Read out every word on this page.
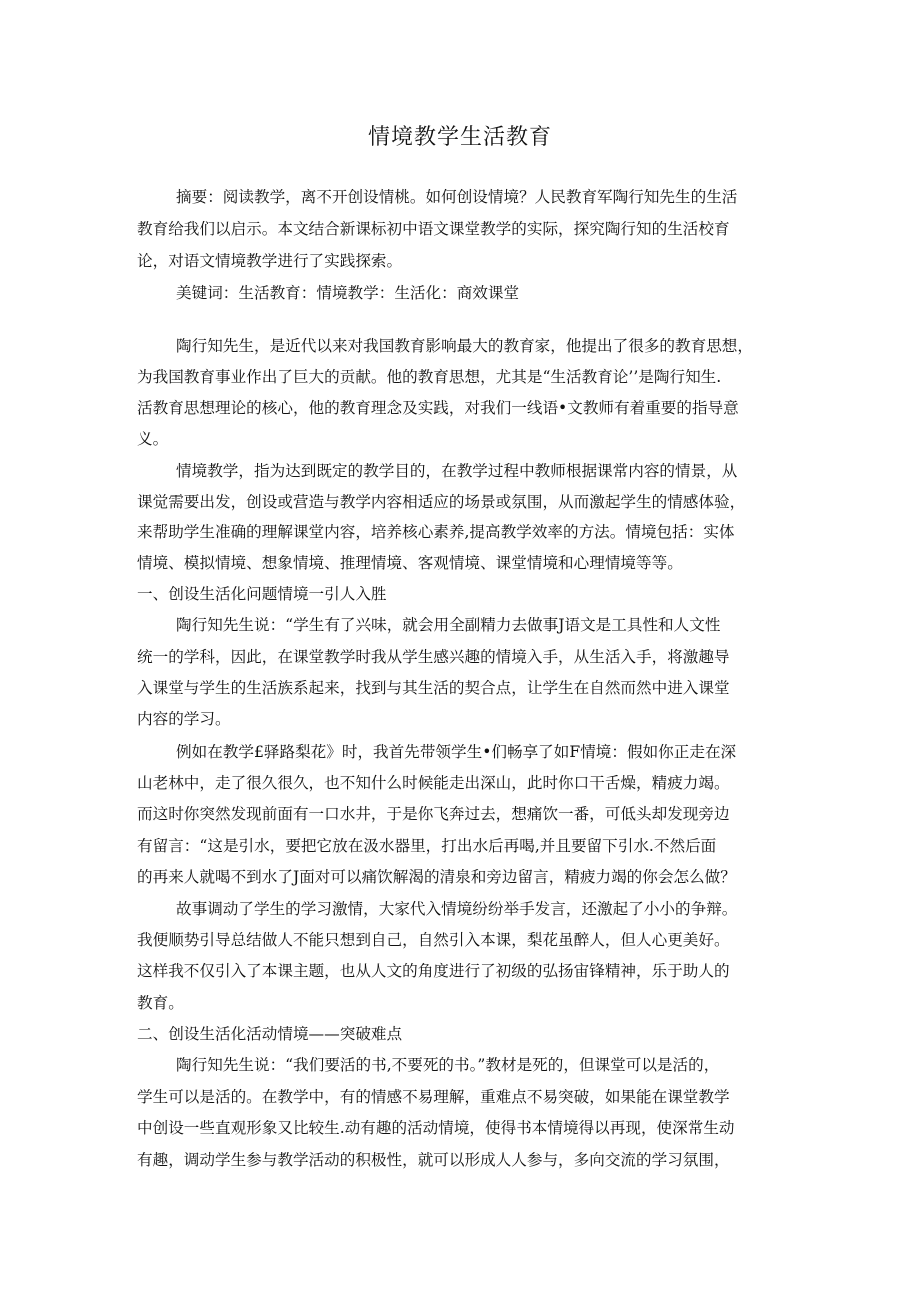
情境教学生活教育

摘要：阅读教学，离不开创设情桃。如何创设情境？人民教育军陶行知先生的生活

教育给我们以启示。本文结合新课标初中语文课堂教学的实际，探究陶行知的生活校育

论，对语文情境教学进行了实践探索。

美键词：生活教育：情境教学：生活化：商效课堂

陶行知先生，是近代以来对我国教育影响最大的教育家，他提出了很多的教育思想，

为我国教育事业作出了巨大的贡献。他的教育思想，尤其是“生活教育论’’是陶行知生.

活教育思想理论的核心，他的教育理念及实践，对我们一线语•文教师有着重要的指导意

义。

情境教学，指为达到既定的教学目的，在教学过程中教师根据课常内容的情景，从

课觉需要出发，创设或营造与教学内容相适应的场景或氛围，从而激起学生的情感体验，

来帮助学生准确的理解课堂内容，培养核心素养,提高教学效率的方法。情境包括：实体

情境、模拟情境、想象情境、推理情境、客观情境、课堂情境和心理情境等等。

一、创设生活化问题情境一引人入胜

陶行知先生说：“学生有了兴味，就会用全副精力去做事J语文是工具性和人文性

统一的学科，因此，在课堂教学时我从学生感兴趣的情境入手，从生活入手，将激趣导

入课堂与学生的生活族系起来，找到与其生活的契合点，让学生在自然而然中进入课堂

内容的学习。

例如在教学£驿路梨花》时，我首先带领学生•们畅享了如F情境：假如你正走在深

山老林中，走了很久很久，也不知什么时候能走出深山，此时你口干舌燥，精疲力竭。

而这时你突然发现前面有一口水井，于是你飞奔过去，想痛饮一番，可低头却发现旁边

有留言：“这是引水，要把它放在汲水器里，打出水后再喝,并且要留下引水.不然后面

的再来人就喝不到水了J面对可以痛饮解渴的清泉和旁边留言，精疲力竭的你会怎么做？

故事调动了学生的学习激情，大家代入情境纷纷举手发言，还激起了小小的争辩。

我便顺势引导总结做人不能只想到自己，自然引入本课，梨花虽醉人，但人心更美好。

这样我不仅引入了本课主题，也从人文的角度进行了初级的弘扬宙锋精神，乐于助人的

教育。

二、创设生活化活动情境——突破难点

陶行知先生说：“我们要活的书,不要死的书。”教材是死的，但课堂可以是活的，

学生可以是活的。在教学中，有的情感不易理解，重难点不易突破，如果能在课堂教学

中创设一些直观形象又比较生.动有趣的活动情境，使得书本情境得以再现，使深常生动

有趣，调动学生参与教学活动的积极性，就可以形成人人参与，多向交流的学习氛围，
